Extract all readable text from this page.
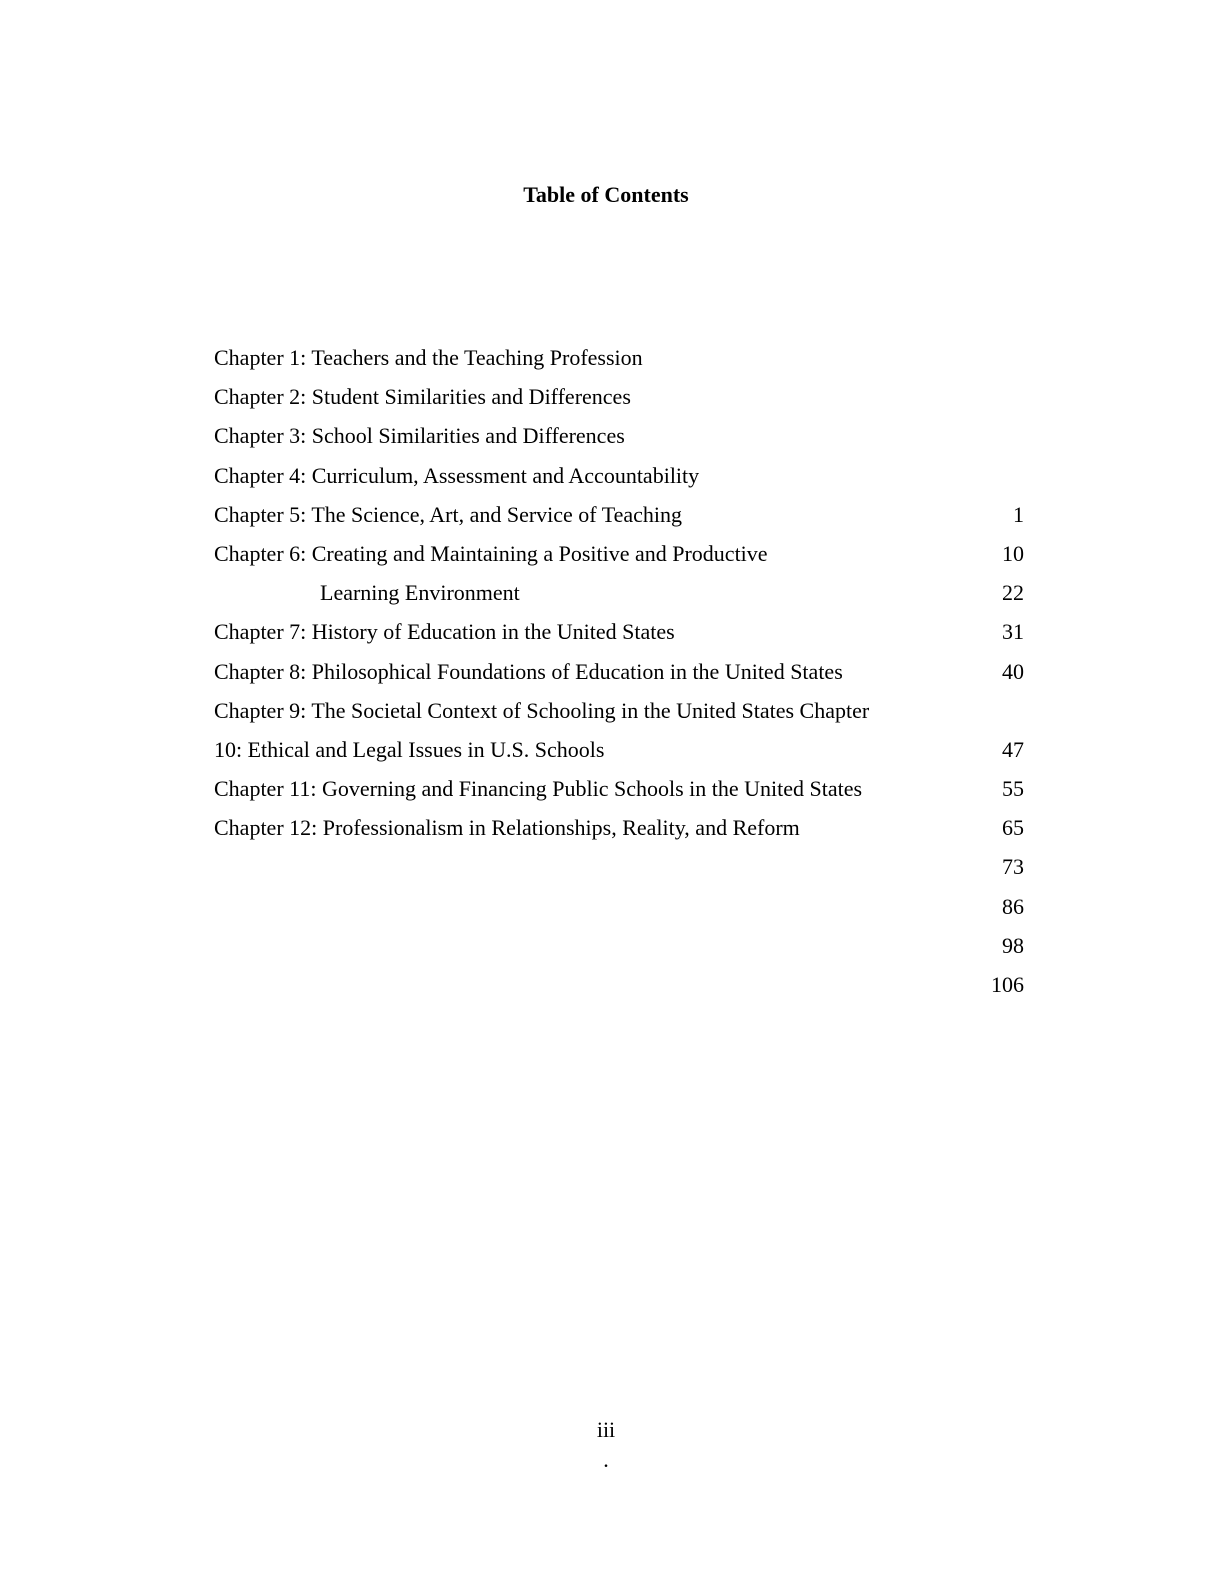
Table of Contents
Chapter 1: Teachers and the Teaching Profession
Chapter 2: Student Similarities and Differences
Chapter 3: School Similarities and Differences
Chapter 4: Curriculum, Assessment and Accountability
Chapter 5: The Science, Art, and Service of Teaching	1
Chapter 6: Creating and Maintaining a Positive and Productive	10
Learning Environment	22
Chapter 7: History of Education in the United States	31
Chapter 8: Philosophical Foundations of Education in the United States	40
Chapter 9: The Societal Context of Schooling in the United States Chapter
10: Ethical and Legal Issues in U.S. Schools	47
Chapter 11: Governing and Financing Public Schools in the United States	55
Chapter 12: Professionalism in Relationships, Reality, and Reform	65
73
86
98
106
iii
.
